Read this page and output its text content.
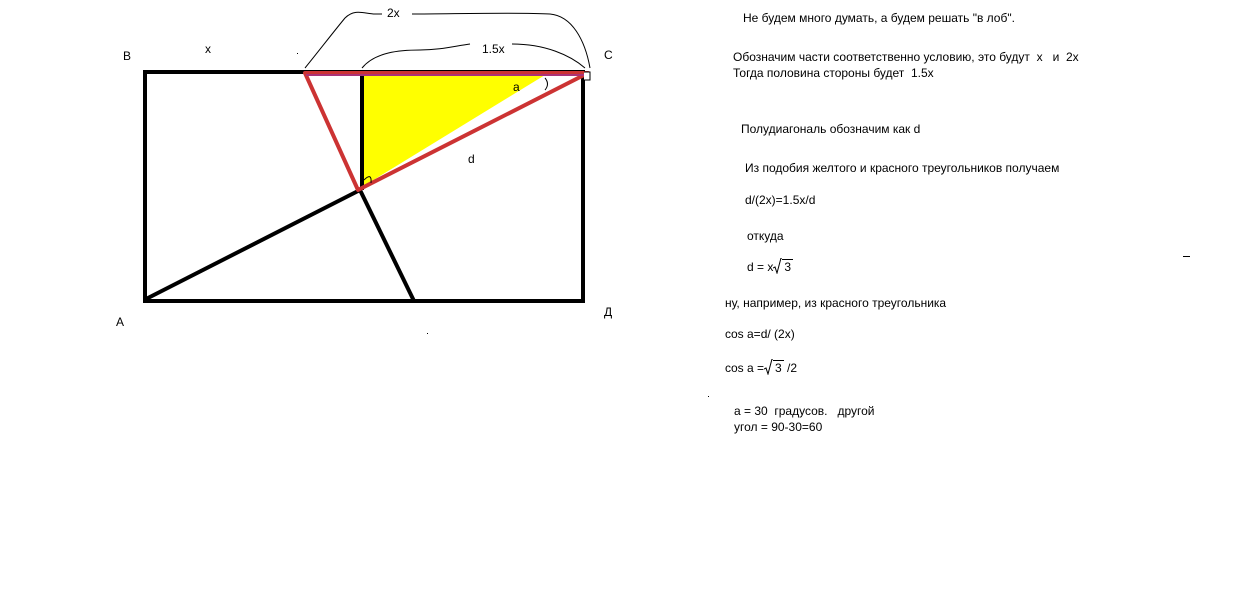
B	C
A
Д
x
2x
1.5x
a
d
Не будем много думать, а будем решать "в лоб".
Обозначим части соответственно условию, это будут  x   и  2x
Тогда половина стороны будет  1.5x
Полудиагональ обозначим как d
Из подобия желтого и красного треугольников получаем
d/(2x)=1.5x/d
откуда
d = x 3
ну, например, из красного треугольника
cos a=d/ (2x)
cos a = 3 /2
a = 30  градусов.   другой
угол = 90-30=60
